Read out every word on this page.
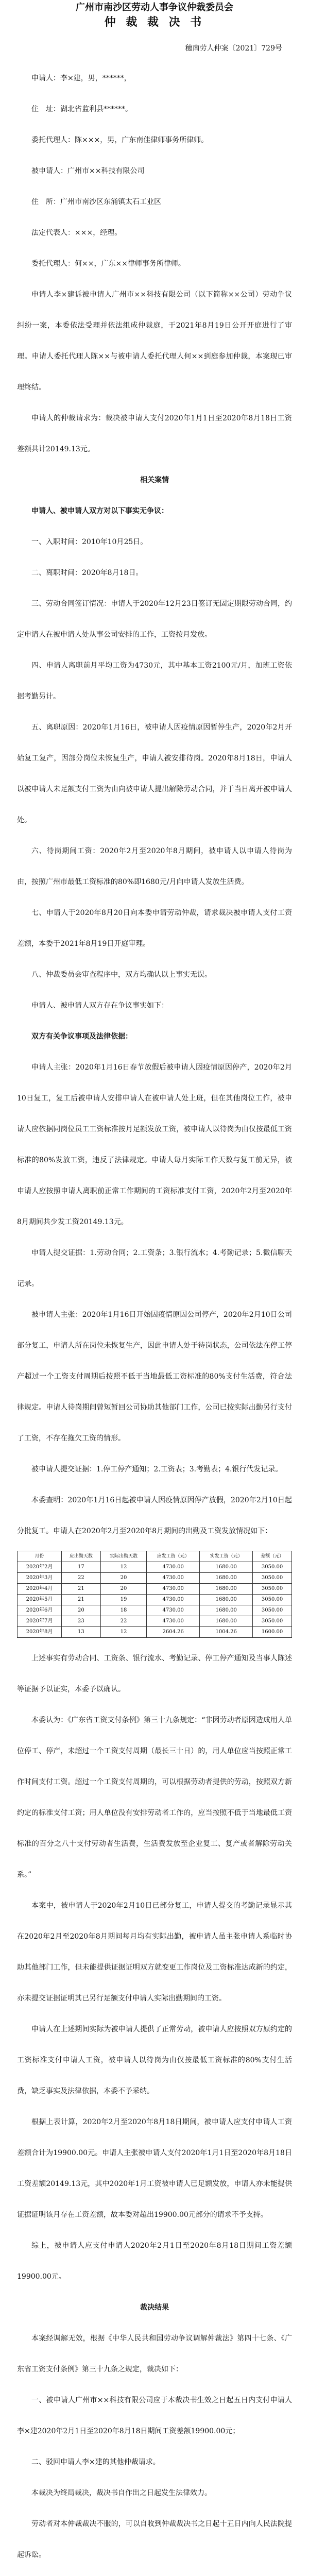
广州市南沙区劳动人事争议仲裁委员会
仲 裁 裁 决 书
穗南劳人仲案〔2021〕729号

申请人：李×建，男，******，

住　址：湖北省监利县******。

委托代理人：陈×××，男，广东南佳律师事务所律师。

被申请人：广州市××科技有限公司

住　所：广州市南沙区东涌镇太石工业区

法定代表人：×××，经理。

委托代理人：何××，广东××律师事务所律师。

申请人李×建诉被申请人广州市××科技有限公司（以下简称××公司）劳动争议纠纷一案，本委依法受理并依法组成仲裁庭，于2021年8月19日公开开庭进行了审理。申请人委托代理人陈××与被申请人委托代理人何××到庭参加仲裁，本案现已审理终结。

申请人的仲裁请求为：裁决被申请人支付2020年1月1日至2020年8月18日工资差额共计20149.13元。

相关案情

申请人、被申请人双方对以下事实无争议：

一、入职时间：2010年10月25日。

二、离职时间：2020年8月18日。

三、劳动合同签订情况：申请人于2020年12月23日签订无固定期限劳动合同，约定申请人在被申请人处从事公司安排的工作，工资按月发放。

四、申请人离职前月平均工资为4730元，其中基本工资2100元/月，加班工资依据考勤另计。

五、离职原因：2020年1月16日，被申请人因疫情原因暂停生产，2020年2月开始复工复产，因部分岗位未恢复生产，申请人被安排待岗。2020年8月18日，申请人以被申请人未足额支付工资为由向被申请人提出解除劳动合同，并于当日离开被申请人处。

六、待岗期间工资：2020年2月至2020年8月期间，被申请人以申请人待岗为由，按照广州市最低工资标准的80%即1680元/月向申请人发放生活费。

七、申请人于2020年8月20日向本委申请劳动仲裁，请求裁决被申请人支付工资差额，本委于2021年8月19日开庭审理。

八、仲裁委员会审查程序中，双方均确认以上事实无误。

申请人、被申请人双方存在争议事实如下：

双方有关争议事项及法律依据：

申请人主张：2020年1月16日春节放假后被申请人因疫情原因停产，2020年2月10日复工，复工后被申请人安排申请人在被申请人处上班，但在其他岗位工作，被申请人应依据同岗位员工工资标准按月足额发放工资，被申请人以待岗为由仅按最低工资标准的80%发放工资，违反了法律规定。申请人每月实际工作天数与复工前无异，被申请人应按照申请人离职前正常工作期间的工资标准支付工资，2020年2月至2020年8月期间共少发工资20149.13元。

申请人提交证据：1.劳动合同；2.工资条；3.银行流水；4.考勤记录；5.微信聊天记录。

被申请人主张：2020年1月16日开始因疫情原因公司停产，2020年2月10日公司部分复工，申请人所在岗位未恢复生产，因此申请人处于待岗状态，公司依法在停工停产超过一个工资支付周期后按照不低于当地最低工资标准的80%支付生活费，符合法律规定。申请人待岗期间曾短暂回公司协助其他部门工作，公司已按实际出勤另行支付了工资，不存在拖欠工资的情形。

被申请人提交证据：1.停工停产通知；2.工资表；3.考勤表；4.银行代发记录。

本委查明：2020年1月16日起被申请人因疫情原因停产放假，2020年2月10日起分批复工。申请人在2020年2月至2020年8月期间的出勤及工资发放情况如下：

月份	应出勤天数	实际出勤天数	应发工资（元）	实发工资（元）	差额（元）
2020年2月	17	12	4730.00	1680.00	3050.00
2020年3月	22	20	4730.00	1680.00	3050.00
2020年4月	21	20	4730.00	1680.00	3050.00
2020年5月	21	19	4730.00	1680.00	3050.00
2020年6月	20	18	4730.00	1680.00	3050.00
2020年7月	23	22	4730.00	1680.00	3050.00
2020年8月	13	12	2604.26	1004.26	1600.00

上述事实有劳动合同、工资条、银行流水、考勤记录、停工停产通知及当事人陈述等证据予以证实，本委予以确认。

本委认为：《广东省工资支付条例》第三十九条规定：“非因劳动者原因造成用人单位停工、停产，未超过一个工资支付周期（最长三十日）的，用人单位应当按照正常工作时间支付工资。超过一个工资支付周期的，可以根据劳动者提供的劳动，按照双方新约定的标准支付工资；用人单位没有安排劳动者工作的，应当按照不低于当地最低工资标准的百分之八十支付劳动者生活费，生活费发放至企业复工、复产或者解除劳动关系。”

本案中，被申请人于2020年2月10日已部分复工，申请人提交的考勤记录显示其在2020年2月至2020年8月期间每月均有实际出勤，被申请人虽主张申请人系临时协助其他部门工作，但未能提供证据证明双方就变更工作岗位及工资标准达成新的约定，亦未提交证据证明其已另行足额支付申请人实际出勤期间的工资。

申请人在上述期间实际为被申请人提供了正常劳动，被申请人应按照双方原约定的工资标准支付申请人工资，被申请人以待岗为由仅按最低工资标准的80%支付生活费，缺乏事实及法律依据，本委不予采纳。

根据上表计算，2020年2月至2020年8月18日期间，被申请人应支付申请人工资差额合计为19900.00元。申请人主张被申请人支付2020年1月1日至2020年8月18日工资差额20149.13元，其中2020年1月工资被申请人已足额发放，申请人亦未能提供证据证明该月存在工资差额，故本委对超出19900.00元部分的请求不予支持。

综上，被申请人应支付申请人2020年2月1日至2020年8月18日期间工资差额19900.00元。

裁决结果

本案经调解无效，根据《中华人民共和国劳动争议调解仲裁法》第四十七条、《广东省工资支付条例》第三十九条之规定，裁决如下：

一、被申请人广州市××科技有限公司应于本裁决书生效之日起五日内支付申请人李×建2020年2月1日至2020年8月18日期间工资差额19900.00元；

二、驳回申请人李×建的其他仲裁请求。

本裁决为终局裁决，裁决书自作出之日起发生法律效力。

劳动者对本仲裁裁决不服的，可以自收到仲裁裁决书之日起十五日内向人民法院提起诉讼。
